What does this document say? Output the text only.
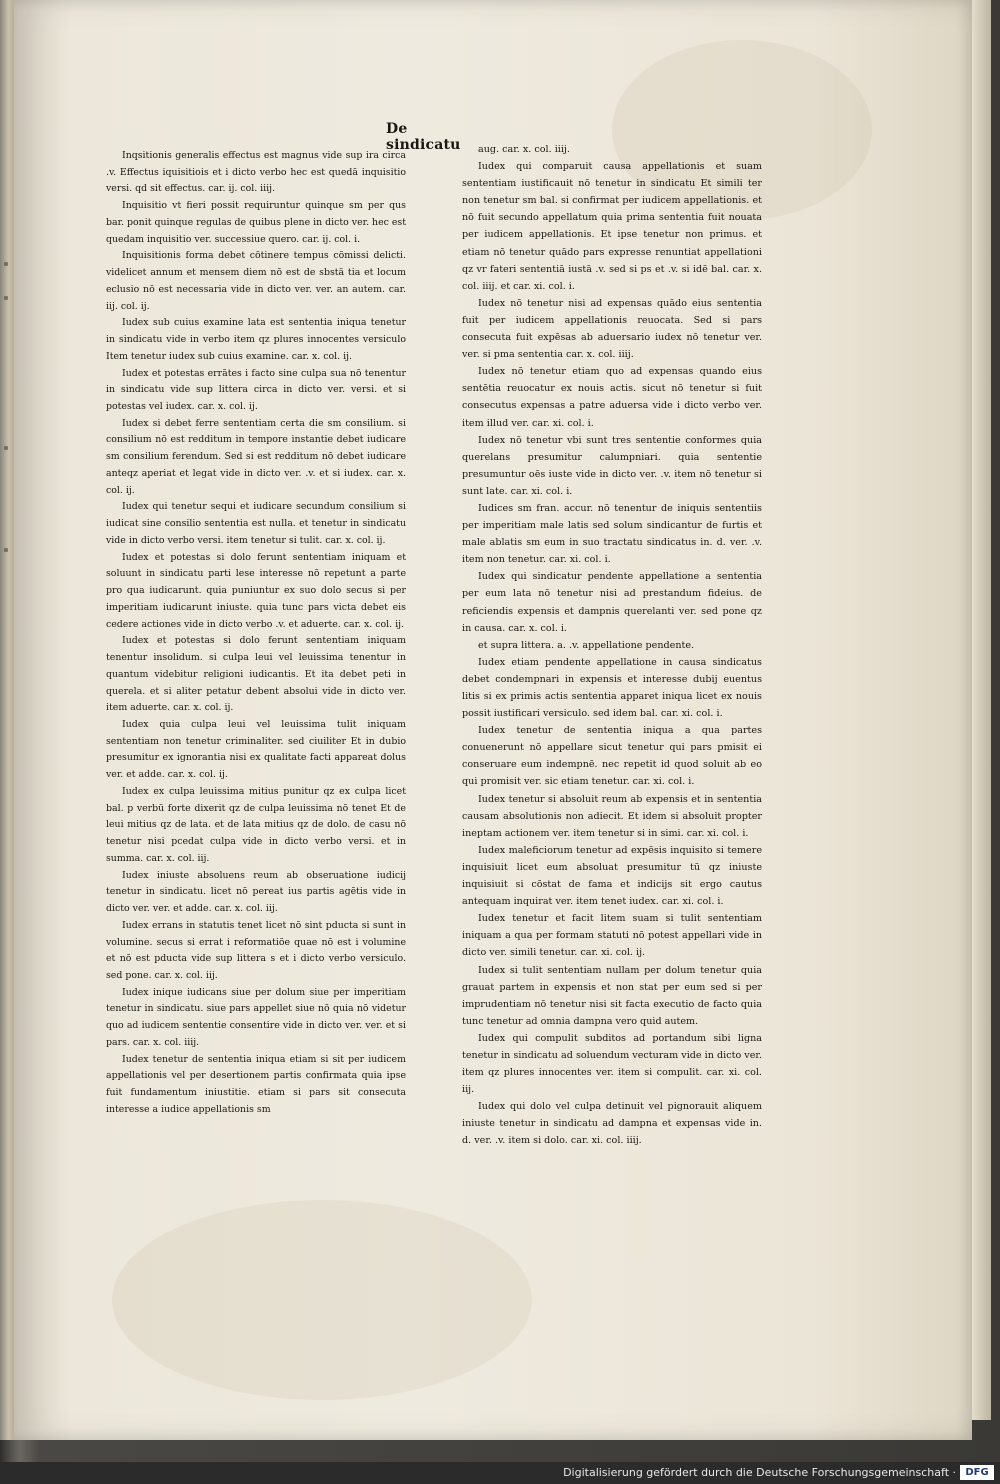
De sindicatu

Inqsitionis generalis effectus est magnus vide sup ira circa .v. Effectus iquisitiois et i dicto verbo hec est quedā inquisitio versi. qd sit effectus. car. ij. col. iiij.

Inquisitio vt fieri possit requiruntur quinque sm per qus bar. ponit quinque regulas de quibus plene in dicto ver. hec est quedam inquisitio ver. successiue quero. car. ij. col. i.

Inquisitionis forma debet cōtinere tempus cōmissi delicti. videlicet annum et mensem diem nō est de sbstā tia et locum eclusio nō est necessaria vide in dicto ver. ver. an autem. car. iij. col. ij.

Iudex sub cuius examine lata est sententia iniqua tenetur in sindicatu vide in verbo item qz plures innocentes versiculo Item tenetur iudex sub cuius examine. car. x. col. ij.

Iudex et potestas errātes i facto sine culpa sua nō tenentur in sindicatu vide sup littera circa in dicto ver. versi. et si potestas vel iudex. car. x. col. ij.

Iudex si debet ferre sententiam certa die sm consilium. si consilium nō est redditum in tempore instantie debet iudicare sm consilium ferendum. Sed si est redditum nō debet iudicare anteqz aperiat et legat vide in dicto ver. .v. et si iudex. car. x. col. ij.

Iudex qui tenetur sequi et iudicare secundum consilium si iudicat sine consilio sententia est nulla. et tenetur in sindicatu vide in dicto verbo versi. item tenetur si tulit. car. x. col. ij.

Iudex et potestas si dolo ferunt sententiam iniquam et soluunt in sindicatu parti lese interesse nō repetunt a parte pro qua iudicarunt. quia puniuntur ex suo dolo secus si per imperitiam iudicarunt iniuste. quia tunc pars victa debet eis cedere actiones vide in dicto verbo .v. et aduerte. car. x. col. ij.

Iudex et potestas si dolo ferunt sententiam iniquam tenentur insolidum. si culpa leui vel leuissima tenentur in quantum videbitur religioni iudicantis. Et ita debet peti in querela. et si aliter petatur debent absolui vide in dicto ver. item aduerte. car. x. col. ij.

Iudex quia culpa leui vel leuissima tulit iniquam sententiam non tenetur criminaliter. sed ciuiliter Et in dubio presumitur ex ignorantia nisi ex qualitate facti appareat dolus ver. et adde. car. x. col. ij.

Iudex ex culpa leuissima mitius punitur qz ex culpa licet bal. p verbū forte dixerit qz de culpa leuissima nō tenet Et de leui mitius qz de lata. et de lata mitius qz de dolo. de casu nō tenetur nisi pcedat culpa vide in dicto verbo versi. et in summa. car. x. col. iij.

Iudex iniuste absoluens reum ab obseruatione iudicij tenetur in sindicatu. licet nō pereat ius partis agētis vide in dicto ver. ver. et adde. car. x. col. iij.

Iudex errans in statutis tenet licet nō sint pducta si sunt in volumine. secus si errat i reformatiōe quae nō est i volumine et nō est pducta vide sup littera s et i dicto verbo versiculo. sed pone. car. x. col. iij.

Iudex inique iudicans siue per dolum siue per imperitiam tenetur in sindicatu. siue pars appellet siue nō quia nō videtur quo ad iudicem sententie consentire vide in dicto ver. ver. et si pars. car. x. col. iiij.

Iudex tenetur de sententia iniqua etiam si sit per iudicem appellationis vel per desertionem partis confirmata quia ipse fuit fundamentum iniustitie. etiam si pars sit consecuta interesse a iudice appellationis sm

aug. car. x. col. iiij.

Iudex qui comparuit causa appellationis et suam sententiam iustificauit nō tenetur in sindicatu Et simili ter non tenetur sm bal. si confirmat per iudicem appellationis. et nō fuit secundo appellatum quia prima sententia fuit nouata per iudicem appellationis. Et ipse tenetur non primus. et etiam nō tenetur quādo pars expresse renuntiat appellationi qz vr fateri sententiā iustā .v. sed si ps et .v. si idē bal. car. x. col. iiij. et car. xi. col. i.

Iudex nō tenetur nisi ad expensas quādo eius sententia fuit per iudicem appellationis reuocata. Sed si pars consecuta fuit expēsas ab aduersario iudex nō tenetur ver. ver. si pma sententia car. x. col. iiij.

Iudex nō tenetur etiam quo ad expensas quando eius sentētia reuocatur ex nouis actis. sicut nō tenetur si fuit consecutus expensas a patre aduersa vide i dicto verbo ver. item illud ver. car. xi. col. i.

Iudex nō tenetur vbi sunt tres sententie conformes quia querelans presumitur calumpniari. quia sententie presumuntur oēs iuste vide in dicto ver. .v. item nō tenetur si sunt late. car. xi. col. i.

Iudices sm fran. accur. nō tenentur de iniquis sententiis per imperitiam male latis sed solum sindicantur de furtis et male ablatis sm eum in suo tractatu sindicatus in. d. ver. .v. item non tenetur. car. xi. col. i.

Iudex qui sindicatur pendente appellatione a sententia per eum lata nō tenetur nisi ad prestandum fideius. de reficiendis expensis et dampnis querelanti ver. sed pone qz in causa. car. x. col. i.

et supra littera. a. .v. appellatione pendente.

Iudex etiam pendente appellatione in causa sindicatus debet condempnari in expensis et interesse dubij euentus litis si ex primis actis sententia apparet iniqua licet ex nouis possit iustificari versiculo. sed idem bal. car. xi. col. i.

Iudex tenetur de sententia iniqua a qua partes conuenerunt nō appellare sicut tenetur qui pars pmisit ei conseruare eum indempnē. nec repetit id quod soluit ab eo qui promisit ver. sic etiam tenetur. car. xi. col. i.

Iudex tenetur si absoluit reum ab expensis et in sententia causam absolutionis non adiecit. Et idem si absoluit propter ineptam actionem ver. item tenetur si in simi. car. xi. col. i.

Iudex maleficiorum tenetur ad expēsis inquisito si temere inquisiuit licet eum absoluat presumitur tū qz iniuste inquisiuit si cōstat de fama et indicijs sit ergo cautus antequam inquirat ver. item tenet iudex. car. xi. col. i.

Iudex tenetur et facit litem suam si tulit sententiam iniquam a qua per formam statuti nō potest appellari vide in dicto ver. simili tenetur. car. xi. col. ij.

Iudex si tulit sententiam nullam per dolum tenetur quia grauat partem in expensis et non stat per eum sed si per imprudentiam nō tenetur nisi sit facta executio de facto quia tunc tenetur ad omnia dampna vero quid autem.

Iudex qui compulit subditos ad portandum sibi ligna tenetur in sindicatu ad soluendum vecturam vide in dicto ver. item qz plures innocentes ver. item si compulit. car. xi. col. iij.

Iudex qui dolo vel culpa detinuit vel pignorauit aliquem iniuste tenetur in sindicatu ad dampna et expensas vide in. d. ver. .v. item si dolo. car. xi. col. iiij.

Digitalisierung gefördert durch die Deutsche Forschungsgemeinschaft · DFG
